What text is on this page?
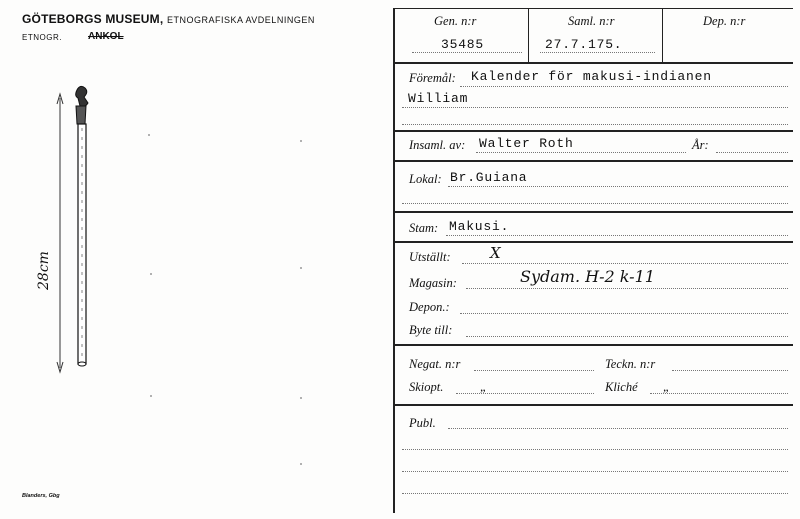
GÖTEBORGS MUSEUM, ETNOGRAFISKA AVDELNINGEN
ETNOGR.	ANKOL
28cm
Blanders, Gbg
Gen. n:r	Saml. n:r	Dep. n:r
35485	27.7.175.
Föremål: Kalender för makusi-indianen
William
Insaml. av: Walter Roth	År:
Lokal: Br.Guiana
Stam: Makusi.
Utställt:	X
Magasin:	Sydam. H-2 k-11
Depon.:
Byte till:
Negat. n:r	Teckn. n:r
Skiopt.	„	Kliché „
Publ.
